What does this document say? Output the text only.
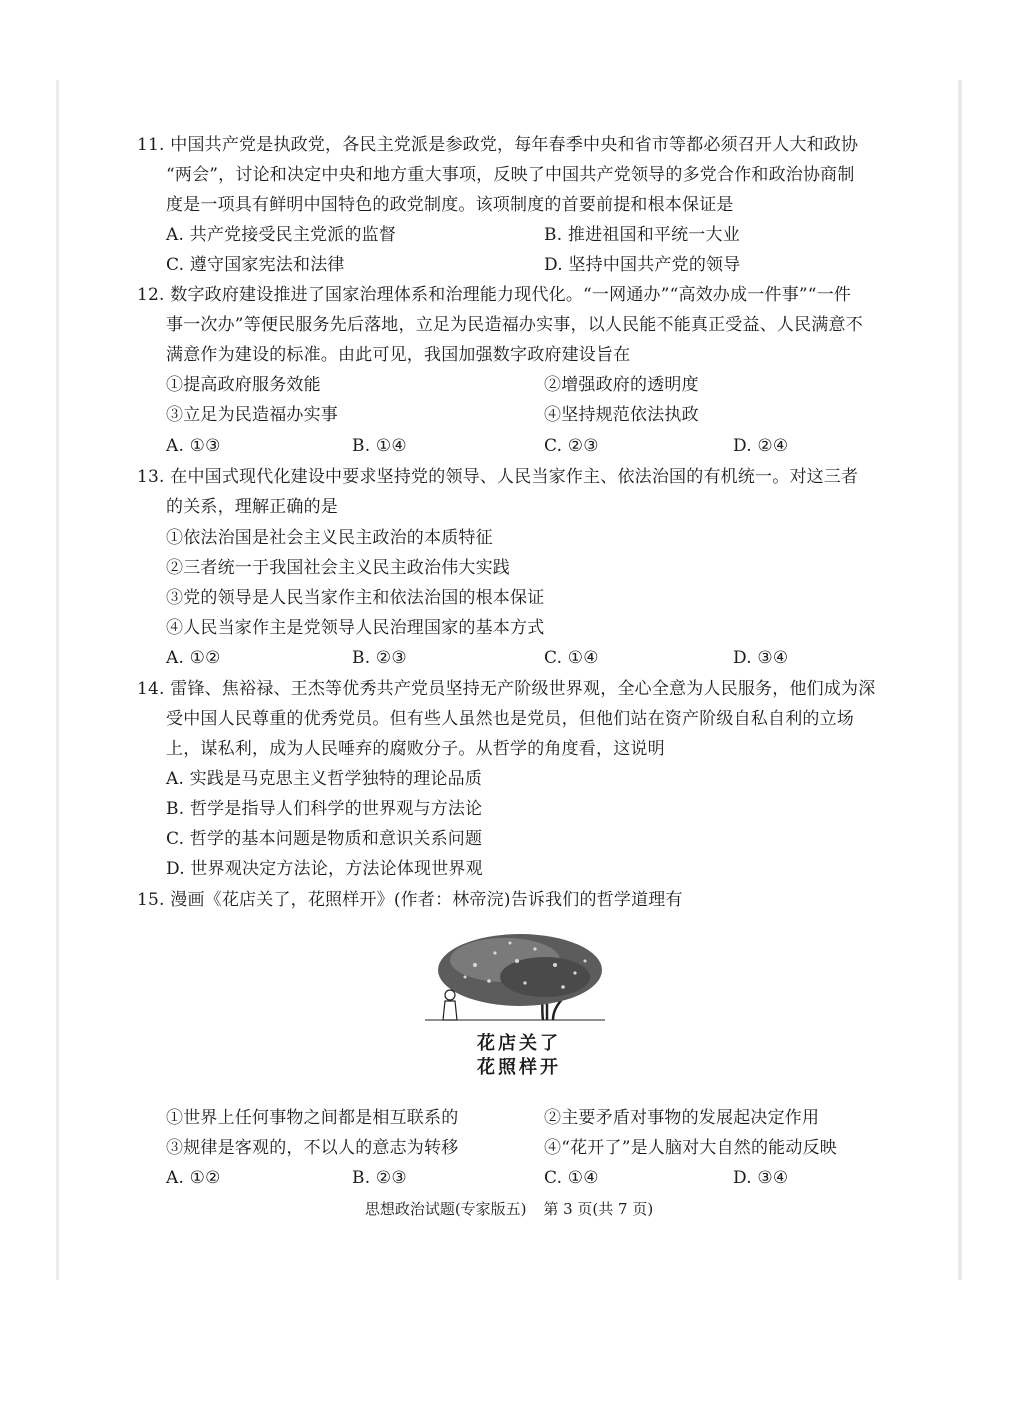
11. 中国共产党是执政党，各民主党派是参政党，每年春季中央和省市等都必须召开人大和政协
“两会”，讨论和决定中央和地方重大事项，反映了中国共产党领导的多党合作和政治协商制
度是一项具有鲜明中国特色的政党制度。该项制度的首要前提和根本保证是
A. 共产党接受民主党派的监督	B. 推进祖国和平统一大业
C. 遵守国家宪法和法律	D. 坚持中国共产党的领导
12. 数字政府建设推进了国家治理体系和治理能力现代化。“一网通办”“高效办成一件事”“一件
事一次办”等便民服务先后落地，立足为民造福办实事，以人民能不能真正受益、人民满意不
满意作为建设的标准。由此可见，我国加强数字政府建设旨在
①提高政府服务效能	②增强政府的透明度
③立足为民造福办实事	④坚持规范依法执政
A. ①③	B. ①④	C. ②③	D. ②④
13. 在中国式现代化建设中要求坚持党的领导、人民当家作主、依法治国的有机统一。对这三者
的关系，理解正确的是
①依法治国是社会主义民主政治的本质特征
②三者统一于我国社会主义民主政治伟大实践
③党的领导是人民当家作主和依法治国的根本保证
④人民当家作主是党领导人民治理国家的基本方式
A. ①②	B. ②③	C. ①④	D. ③④
14. 雷锋、焦裕禄、王杰等优秀共产党员坚持无产阶级世界观，全心全意为人民服务，他们成为深
受中国人民尊重的优秀党员。但有些人虽然也是党员，但他们站在资产阶级自私自利的立场
上，谋私利，成为人民唾弃的腐败分子。从哲学的角度看，这说明
A. 实践是马克思主义哲学独特的理论品质
B. 哲学是指导人们科学的世界观与方法论
C. 哲学的基本问题是物质和意识关系问题
D. 世界观决定方法论，方法论体现世界观
15. 漫画《花店关了，花照样开》(作者：林帝浣)告诉我们的哲学道理有
花店关了
花照样开
①世界上任何事物之间都是相互联系的	②主要矛盾对事物的发展起决定作用
③规律是客观的，不以人的意志为转移	④“花开了”是人脑对大自然的能动反映
A. ①②	B. ②③	C. ①④	D. ③④
思想政治试题(专家版五) 第 3 页(共 7 页)
